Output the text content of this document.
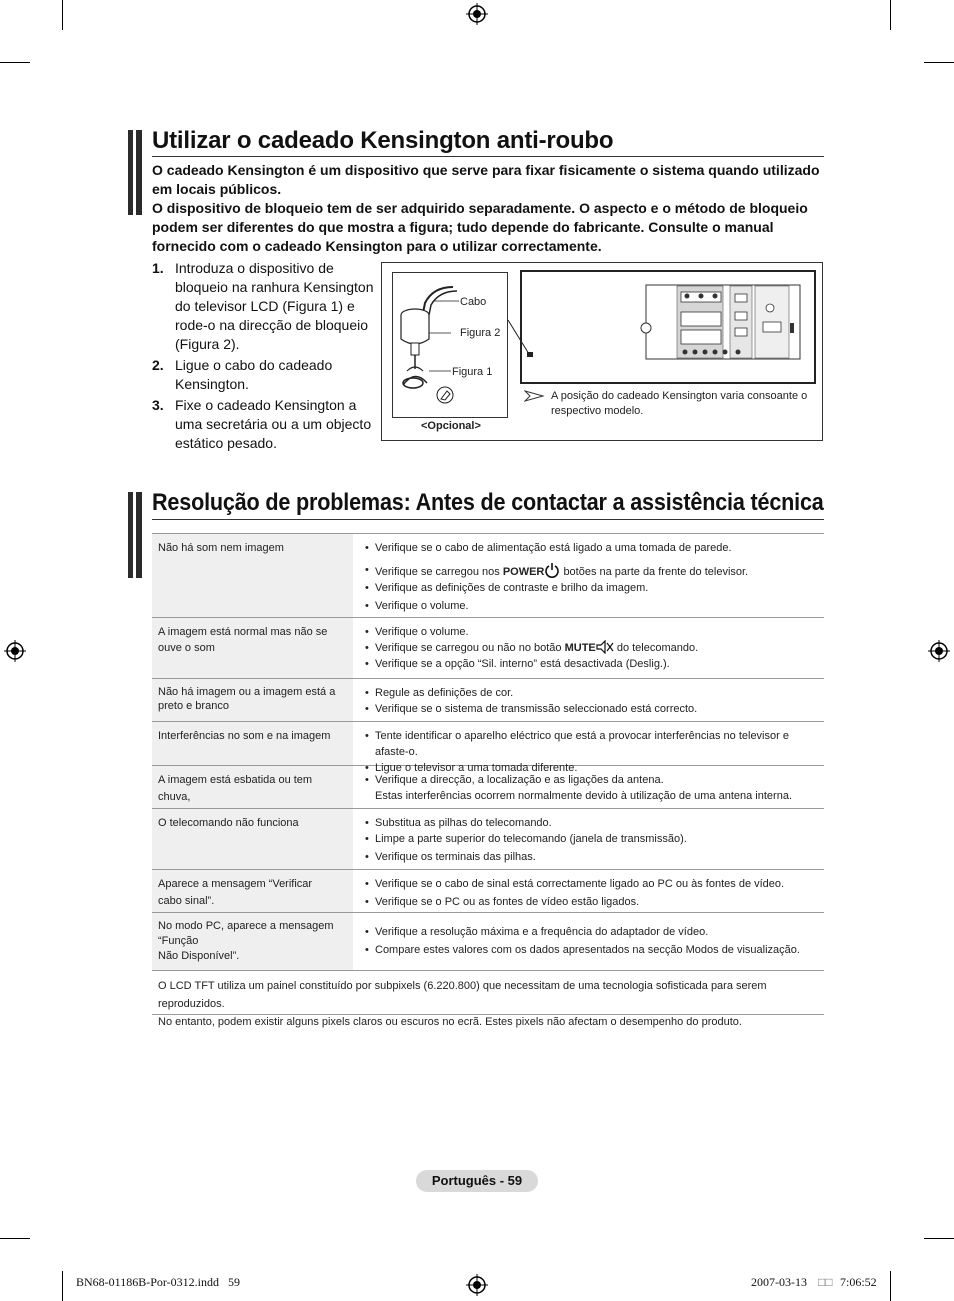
Utilizar o cadeado Kensington anti-roubo

O cadeado Kensington é um dispositivo que serve para fixar fisicamente o sistema quando utilizado em locais públicos.

O dispositivo de bloqueio tem de ser adquirido separadamente. O aspecto e o método de bloqueio podem ser diferentes do que mostra a figura; tudo depende do fabricante. Consulte o manual fornecido com o cadeado Kensington para o utilizar correctamente.

1. Introduza o dispositivo de bloqueio na ranhura Kensington do televisor LCD (Figura 1) e rode-o na direcção de bloqueio (Figura 2).
2. Ligue o cabo do cadeado Kensington.
3. Fixe o cadeado Kensington a uma secretária ou a um objecto estático pesado.
Cabo
Figura 2
Figura 1
<Opcional>
A posição do cadeado Kensington varia consoante o respectivo modelo.
Resolução de problemas: Antes de contactar a assistência técnica
Não há som nem imagem	• Verifique se o cabo de alimentação está ligado a uma tomada de parede.
• Verifique se carregou nos POWER botões na parte da frente do televisor.
• Verifique as definições de contraste e brilho da imagem.
• Verifique o volume.
A imagem está normal mas não se ouve o som
• Verifique o volume.
• Verifique se carregou ou não no botão MUTE do telecomando.
• Verifique se a opção “Sil. interno” está desactivada (Deslig.).
Não há imagem ou a imagem está a preto e branco
• Regule as definições de cor.
• Verifique se o sistema de transmissão seleccionado está correcto.
Interferências no som e na imagem	• Tente identificar o aparelho eléctrico que está a provocar interferências no televisor e afaste-o.
• Ligue o televisor a uma tomada diferente.
A imagem está esbatida ou tem chuva,
• Verifique a direcção, a localização e as ligações da antena.
Estas interferências ocorrem normalmente devido à utilização de uma antena interna.
O telecomando não funciona	• Substitua as pilhas do telecomando.
• Limpe a parte superior do telecomando (janela de transmissão).
• Verifique os terminais das pilhas.
Aparece a mensagem “Verificar
cabo sinal”.
• Verifique se o cabo de sinal está correctamente ligado ao PC ou às fontes de vídeo.
• Verifique se o PC ou as fontes de vídeo estão ligados.
No modo PC, aparece a mensagem “Função
Não Disponível”.
• Verifique a resolução máxima e a frequência do adaptador de vídeo.
• Compare estes valores com os dados apresentados na secção Modos de visualização.
O LCD TFT utiliza um painel constituído por subpixels (6.220.800) que necessitam de uma tecnologia sofisticada para serem reproduzidos.
No entanto, podem existir alguns pixels claros ou escuros no ecrã. Estes pixels não afectam o desempenho do produto.
Português - 59
BN68-01186B-Por-0312.indd   59	2007-03-13 □□ 7:06:52
